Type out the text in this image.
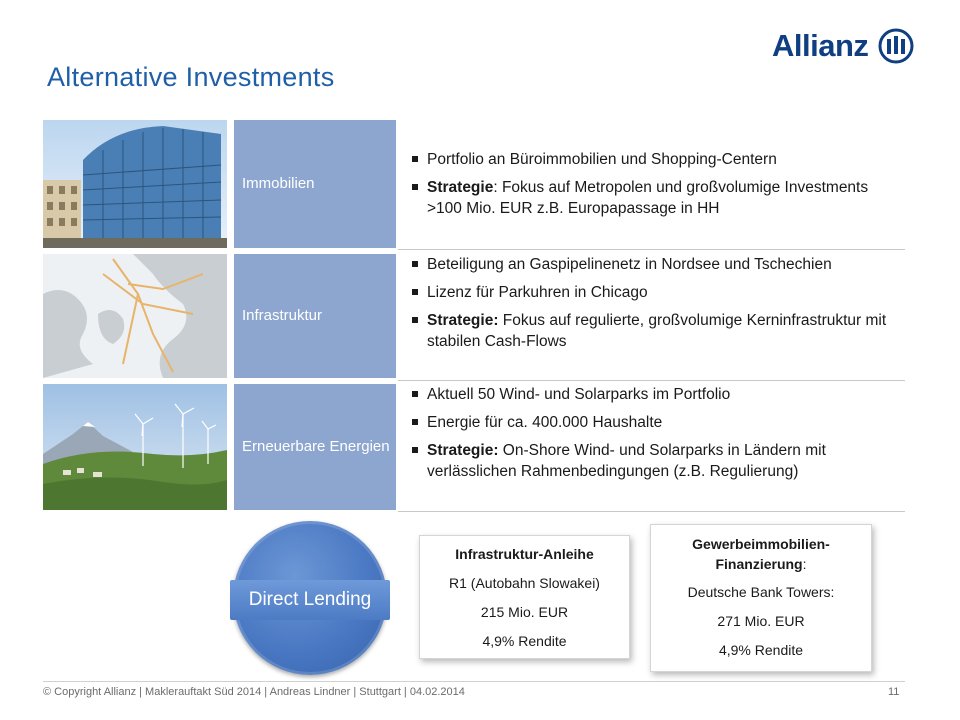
Alternative Investments
Allianz
Immobilien
Portfolio an Büroimmobilien und Shopping-Centern
Strategie: Fokus auf Metropolen und großvolumige Investments >100 Mio. EUR z.B. Europapassage in HH
Infrastruktur
Beteiligung an Gaspipelinenetz in Nordsee und Tschechien
Lizenz für Parkuhren in Chicago
Strategie: Fokus auf regulierte, großvolumige Kerninfrastruktur mit stabilen Cash-Flows
Erneuerbare Energien
Aktuell 50 Wind- und Solarparks im Portfolio
Energie für ca. 400.000 Haushalte
Strategie: On-Shore Wind- und Solarparks in Ländern mit verlässlichen Rahmenbedingungen (z.B. Regulierung)
Direct Lending
Infrastruktur-Anleihe
R1 (Autobahn Slowakei)
215 Mio. EUR
4,9% Rendite
Gewerbeimmobilien-Finanzierung:
Deutsche Bank Towers:
271 Mio. EUR
4,9% Rendite
© Copyright Allianz | Maklerauftakt Süd 2014 | Andreas Lindner | Stuttgart | 04.02.2014	11
